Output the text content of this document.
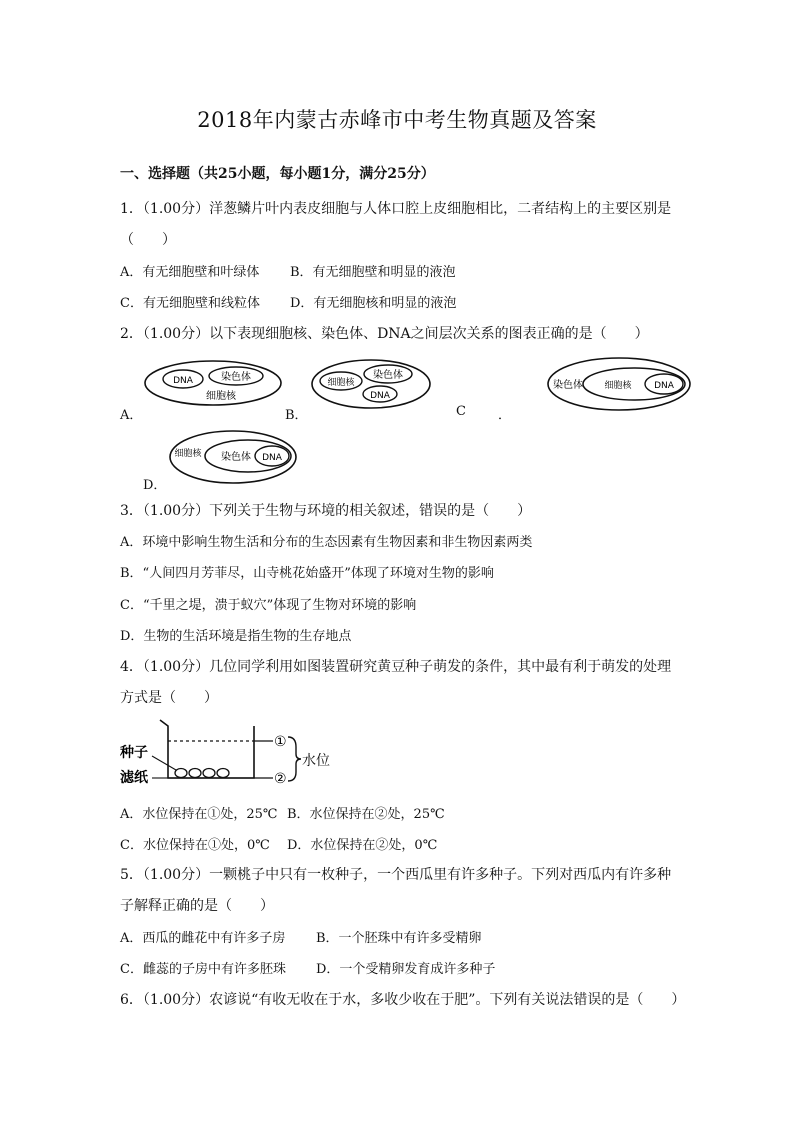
2018年内蒙古赤峰市中考生物真题及答案
一、选择题（共25小题，每小题1分，满分25分）
1．（1.00分）洋葱鳞片叶内表皮细胞与人体口腔上皮细胞相比，二者结构上的主要区别是
（　　）
A．有无细胞壁和叶绿体 B．有无细胞壁和明显的液泡
C．有无细胞壁和线粒体 D．有无细胞核和明显的液泡
2．（1.00分）以下表现细胞核、染色体、DNA之间层次关系的图表正确的是（　　）
A．
DNA	染色体
细胞核
B．
细胞核
染色体
DNA
C ．
染色体 细胞核	DNA
D．
细胞核 染色体 DNA
3．（1.00分）下列关于生物与环境的相关叙述，错误的是（　　）
A．环境中影响生物生活和分布的生态因素有生物因素和非生物因素两类
B．“人间四月芳菲尽，山寺桃花始盛开”体现了环境对生物的影响
C．“千里之堤，溃于蚁穴”体现了生物对环境的影响
D．生物的生活环境是指生物的生存地点
4．（1.00分）几位同学利用如图装置研究黄豆种子萌发的条件，其中最有利于萌发的处理
方式是（　　）
种子
滤纸
①
②
水位
A．水位保持在①处，25℃ B．水位保持在②处，25℃
C．水位保持在①处，0℃ D．水位保持在②处，0℃
5．（1.00分）一颗桃子中只有一枚种子，一个西瓜里有许多种子。下列对西瓜内有许多种
子解释正确的是（　　）
A．西瓜的雌花中有许多子房 B．一个胚珠中有许多受精卵
C．雌蕊的子房中有许多胚珠 D．一个受精卵发育成许多种子
6．（1.00分）农谚说“有收无收在于水，多收少收在于肥”。下列有关说法错误的是（　　）
